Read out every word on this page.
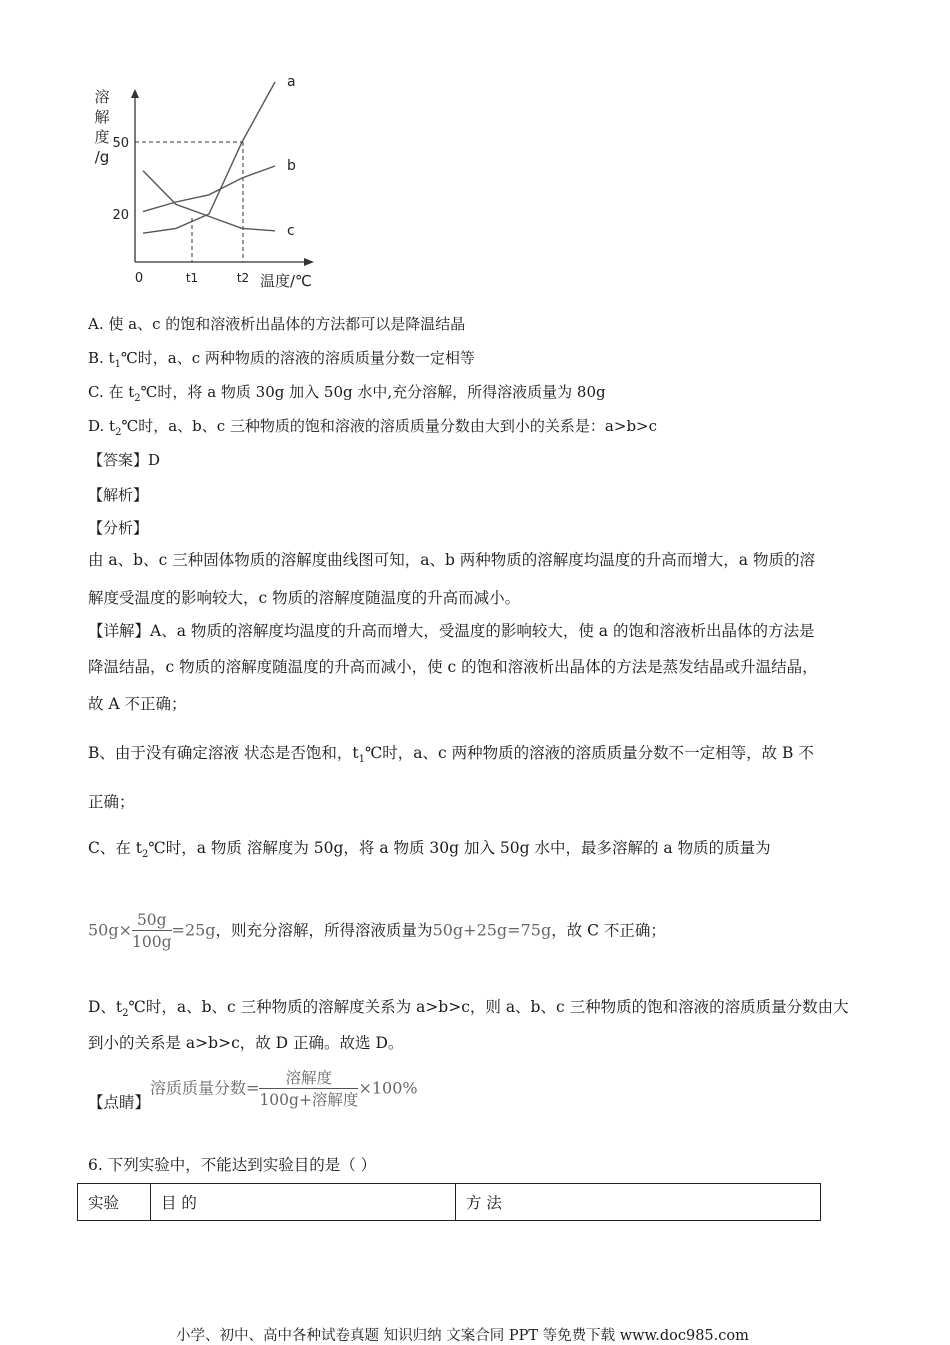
溶
解
度
/g
20
50
0	t1	t2 温度/℃
a
b
c
A. 使 a、c 的饱和溶液析出晶体的方法都可以是降温结晶
B. $t_1℃$时，a、c 两种物质的溶液的溶质质量分数一定相等
C. 在 $t_2℃$时，将 a 物质 30g 加入 50g 水中,充分溶解，所得溶液质量为 80g
D. $t_2℃$时，a、b、c 三种物质的饱和溶液的溶质质量分数由大到小的关系是：a>b>c
【答案】D
【解析】
【分析】
由 a、b、c 三种固体物质的溶解度曲线图可知，a、b 两种物质的溶解度均温度的升高而增大，a 物质的溶
解度受温度的影响较大，c 物质的溶解度随温度的升高而减小。
【详解】A、a 物质的溶解度均温度的升高而增大，受温度的影响较大，使 a 的饱和溶液析出晶体的方法是
降温结晶，c 物质的溶解度随温度的升高而减小，使 c 的饱和溶液析出晶体的方法是蒸发结晶或升温结晶，
故 A 不正确；
B、由于没有确定溶液 状态是否饱和，$t_1℃$时，a、c 两种物质的溶液的溶质质量分数不一定相等，故 B 不
正确；
C、在 $t_2℃$时，a 物质 溶解度为 50g，将 a 物质 30g 加入 50g 水中，最多溶解的 a 物质的质量为
$50g\times \frac{50g}{100g} =25g$，则充分溶解，所得溶液质量为50g+25g=75g，故 C 不正确；
D、$t_2℃$时，a、b、c 三种物质的溶解度关系为 a>b>c，则 a、b、c 三种物质的饱和溶液的溶质质量分数由大
到小的关系是 a>b>c，故 D 正确。故选 D。
【点睛】溶质质量分数= $\frac{\text{溶解度}}{\text{100g+溶解度}} \times 100\%$
6. 下列实验中，不能达到实验目的是（ ）
实验	目 的	方 法
小学、初中、高中各种试卷真题 知识归纳 文案合同 PPT 等免费下载 www.doc985.com
